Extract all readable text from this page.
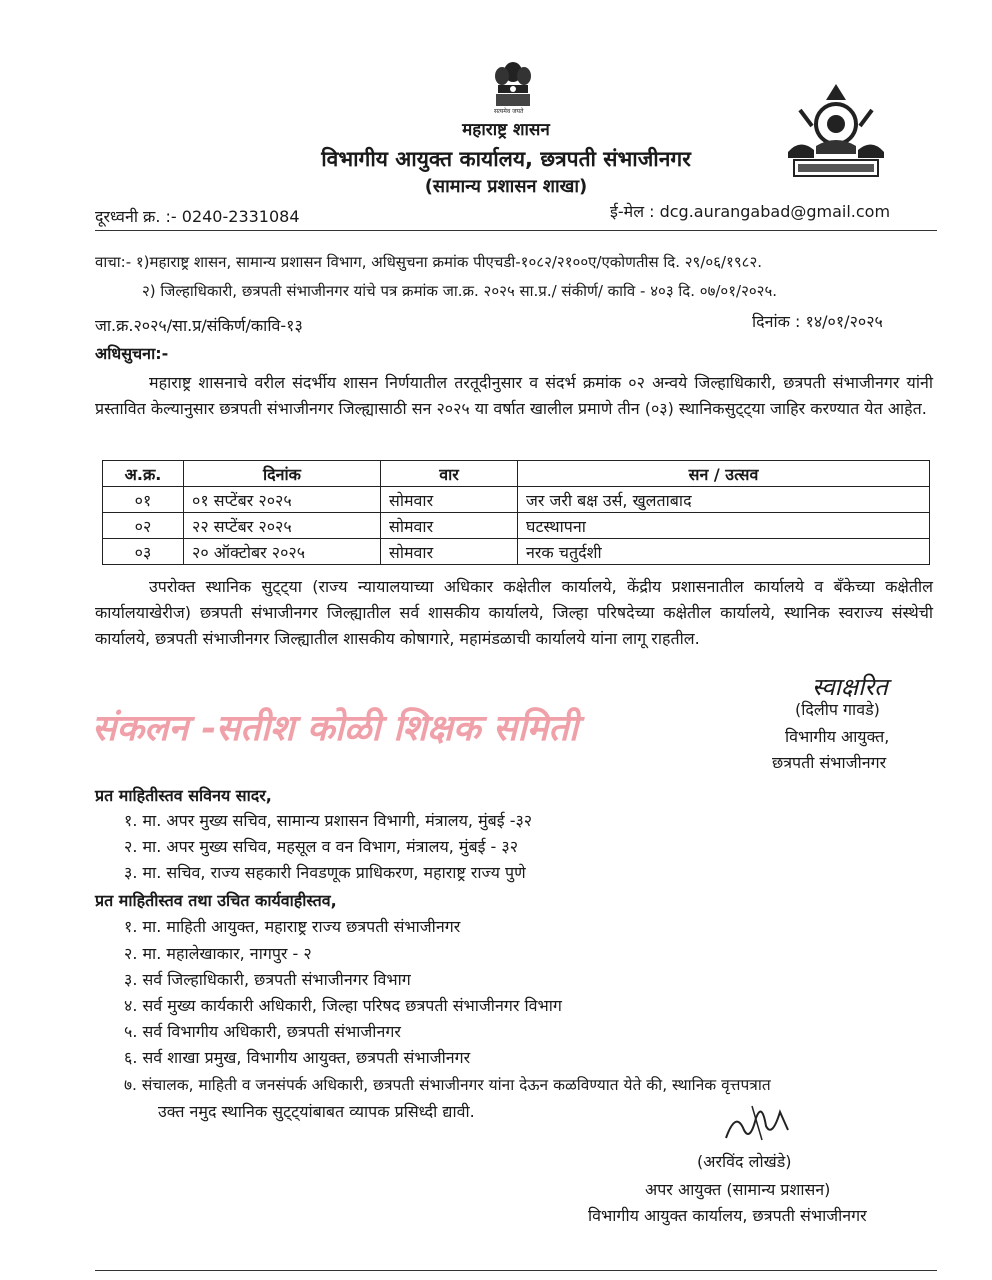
सत्यमेव जयते
महाराष्ट्र शासन
विभागीय आयुक्त कार्यालय, छत्रपती संभाजीनगर
(सामान्य प्रशासन शाखा)
दूरध्वनी क्र. :- 0240-2331084	ई-मेल : dcg.aurangabad@gmail.com
वाचा:- १)महाराष्ट्र शासन, सामान्य प्रशासन विभाग, अधिसुचना क्रमांक पीएचडी-१०८२/२१००ए/एकोणतीस दि. २९/०६/१९८२.
२) जिल्हाधिकारी, छत्रपती संभाजीनगर यांचे पत्र क्रमांक जा.क्र. २०२५ सा.प्र./ संकीर्ण/ कावि - ४०३ दि. ०७/०१/२०२५.
जा.क्र.२०२५/सा.प्र/संकिर्ण/कावि-१३	दिनांक : १४/०१/२०२५
अधिसुचना:-
महाराष्ट्र शासनाचे वरील संदर्भीय शासन निर्णयातील तरतूदीनुसार व संदर्भ क्रमांक ०२ अन्वये जिल्हाधिकारी, छत्रपती संभाजीनगर यांनी प्रस्तावित केल्यानुसार छत्रपती संभाजीनगर जिल्ह्यासाठी सन २०२५ या वर्षात खालील प्रमाणे तीन (०३) स्थानिकसुट्ट्या जाहिर करण्यात येत आहेत.
अ.क्र.	दिनांक	वार	सन / उत्सव
०१	०१ सप्टेंबर २०२५	सोमवार	जर जरी बक्ष उर्स, खुलताबाद
०२	२२ सप्टेंबर २०२५	सोमवार	घटस्थापना
०३	२० ऑक्टोबर २०२५	सोमवार	नरक चतुर्दशी
उपरोक्त स्थानिक सुट्ट्या (राज्य न्यायालयाच्या अधिकार कक्षेतील कार्यालये, केंद्रीय प्रशासनातील कार्यालये व बँकेच्या कक्षेतील कार्यालयाखेरीज) छत्रपती संभाजीनगर जिल्ह्यातील सर्व शासकीय कार्यालये, जिल्हा परिषदेच्या कक्षेतील कार्यालये, स्थानिक स्वराज्य संस्थेची कार्यालये, छत्रपती संभाजीनगर जिल्ह्यातील शासकीय कोषागारे, महामंडळाची कार्यालये यांना लागू राहतील.
स्वाक्षरित
(दिलीप गावडे)
विभागीय आयुक्त,
छत्रपती संभाजीनगर
संकलन -सतीश कोळी शिक्षक समिती
प्रत माहितीस्तव सविनय सादर,
१. मा. अपर मुख्य सचिव, सामान्य प्रशासन विभागी, मंत्रालय, मुंबई -३२
२. मा. अपर मुख्य सचिव, महसूल व वन विभाग, मंत्रालय, मुंबई - ३२
३. मा. सचिव, राज्य सहकारी निवडणूक प्राधिकरण, महाराष्ट्र राज्य पुणे
प्रत माहितीस्तव तथा उचित कार्यवाहीस्तव,
१. मा. माहिती आयुक्त, महाराष्ट्र राज्य छत्रपती संभाजीनगर
२. मा. महालेखाकार, नागपुर - २
३. सर्व जिल्हाधिकारी, छत्रपती संभाजीनगर विभाग
४. सर्व मुख्य कार्यकारी अधिकारी, जिल्हा परिषद छत्रपती संभाजीनगर विभाग
५. सर्व विभागीय अधिकारी, छत्रपती संभाजीनगर
६. सर्व शाखा प्रमुख, विभागीय आयुक्त, छत्रपती संभाजीनगर
७. संचालक, माहिती व जनसंपर्क अधिकारी, छत्रपती संभाजीनगर यांना देऊन कळविण्यात येते की, स्थानिक वृत्तपत्रात
उक्त नमुद स्थानिक सुट्ट्यांबाबत व्यापक प्रसिध्दी द्यावी.
(अरविंद लोखंडे)
अपर आयुक्त (सामान्य प्रशासन)
विभागीय आयुक्त कार्यालय, छत्रपती संभाजीनगर
